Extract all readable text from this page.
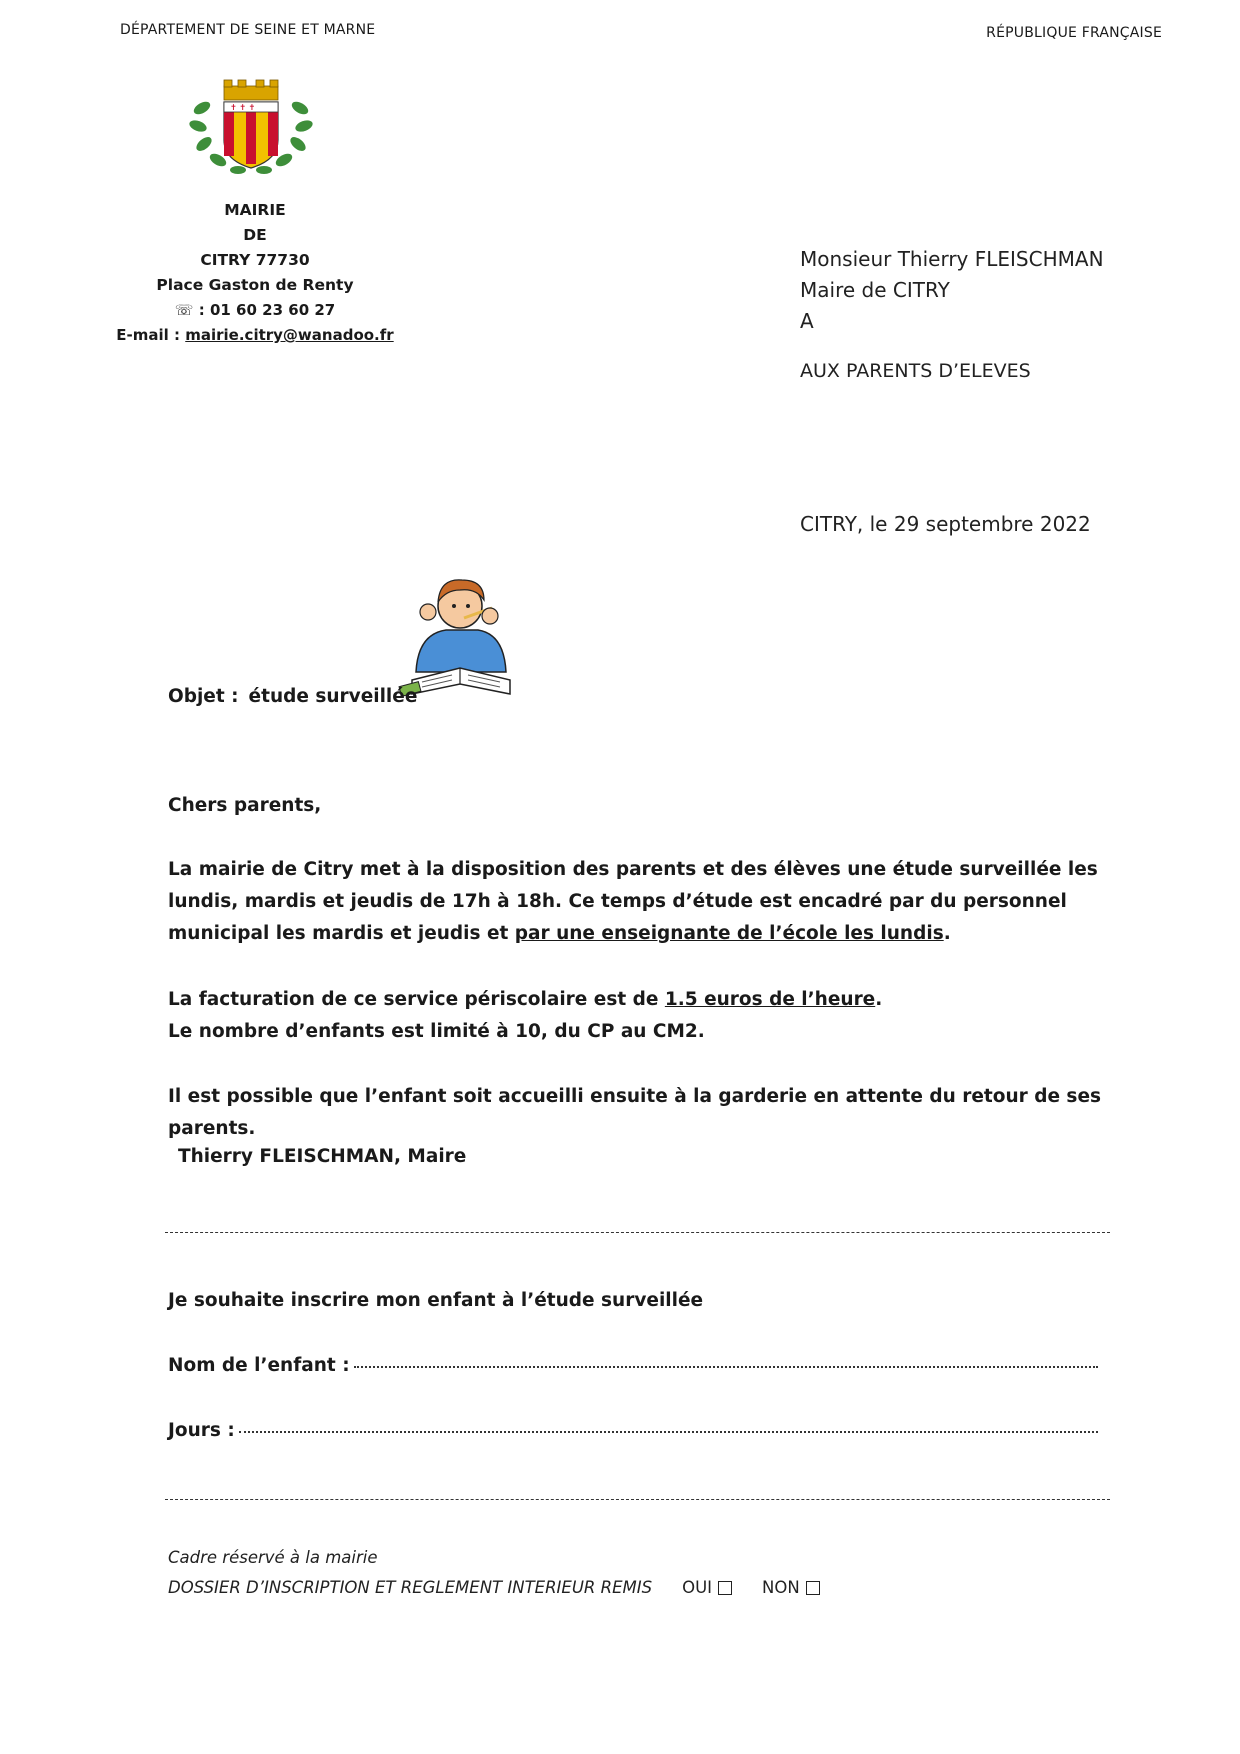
DÉPARTEMENT DE SEINE ET MARNE	RÉPUBLIQUE FRANÇAISE
✝ ✝ ✝
MAIRIE
DE
CITRY 77730
Place Gaston de Renty
☏ : 01 60 23 60 27
E-mail : mairie.citry@wanadoo.fr
Monsieur Thierry FLEISCHMAN
Maire de CITRY
A
AUX PARENTS D’ELEVES
CITRY, le 29 septembre 2022
Objet : étude surveillée
Chers parents,
La mairie de Citry met à la disposition des parents et des élèves une étude surveillée les lundis, mardis et jeudis de 17h à 18h. Ce temps d’étude est encadré par du personnel municipal les mardis et jeudis et par une enseignante de l’école les lundis.
La facturation de ce service périscolaire est de 1.5 euros de l’heure.
Le nombre d’enfants est limité à 10, du CP au CM2.
Il est possible que l’enfant soit accueilli ensuite à la garderie en attente du retour de ses parents.
Thierry FLEISCHMAN, Maire
Je souhaite inscrire mon enfant à l’étude surveillée
Nom de l’enfant :
Jours :
Cadre réservé à la mairie
DOSSIER D’INSCRIPTION ET REGLEMENT INTERIEUR REMIS OUI	NON
